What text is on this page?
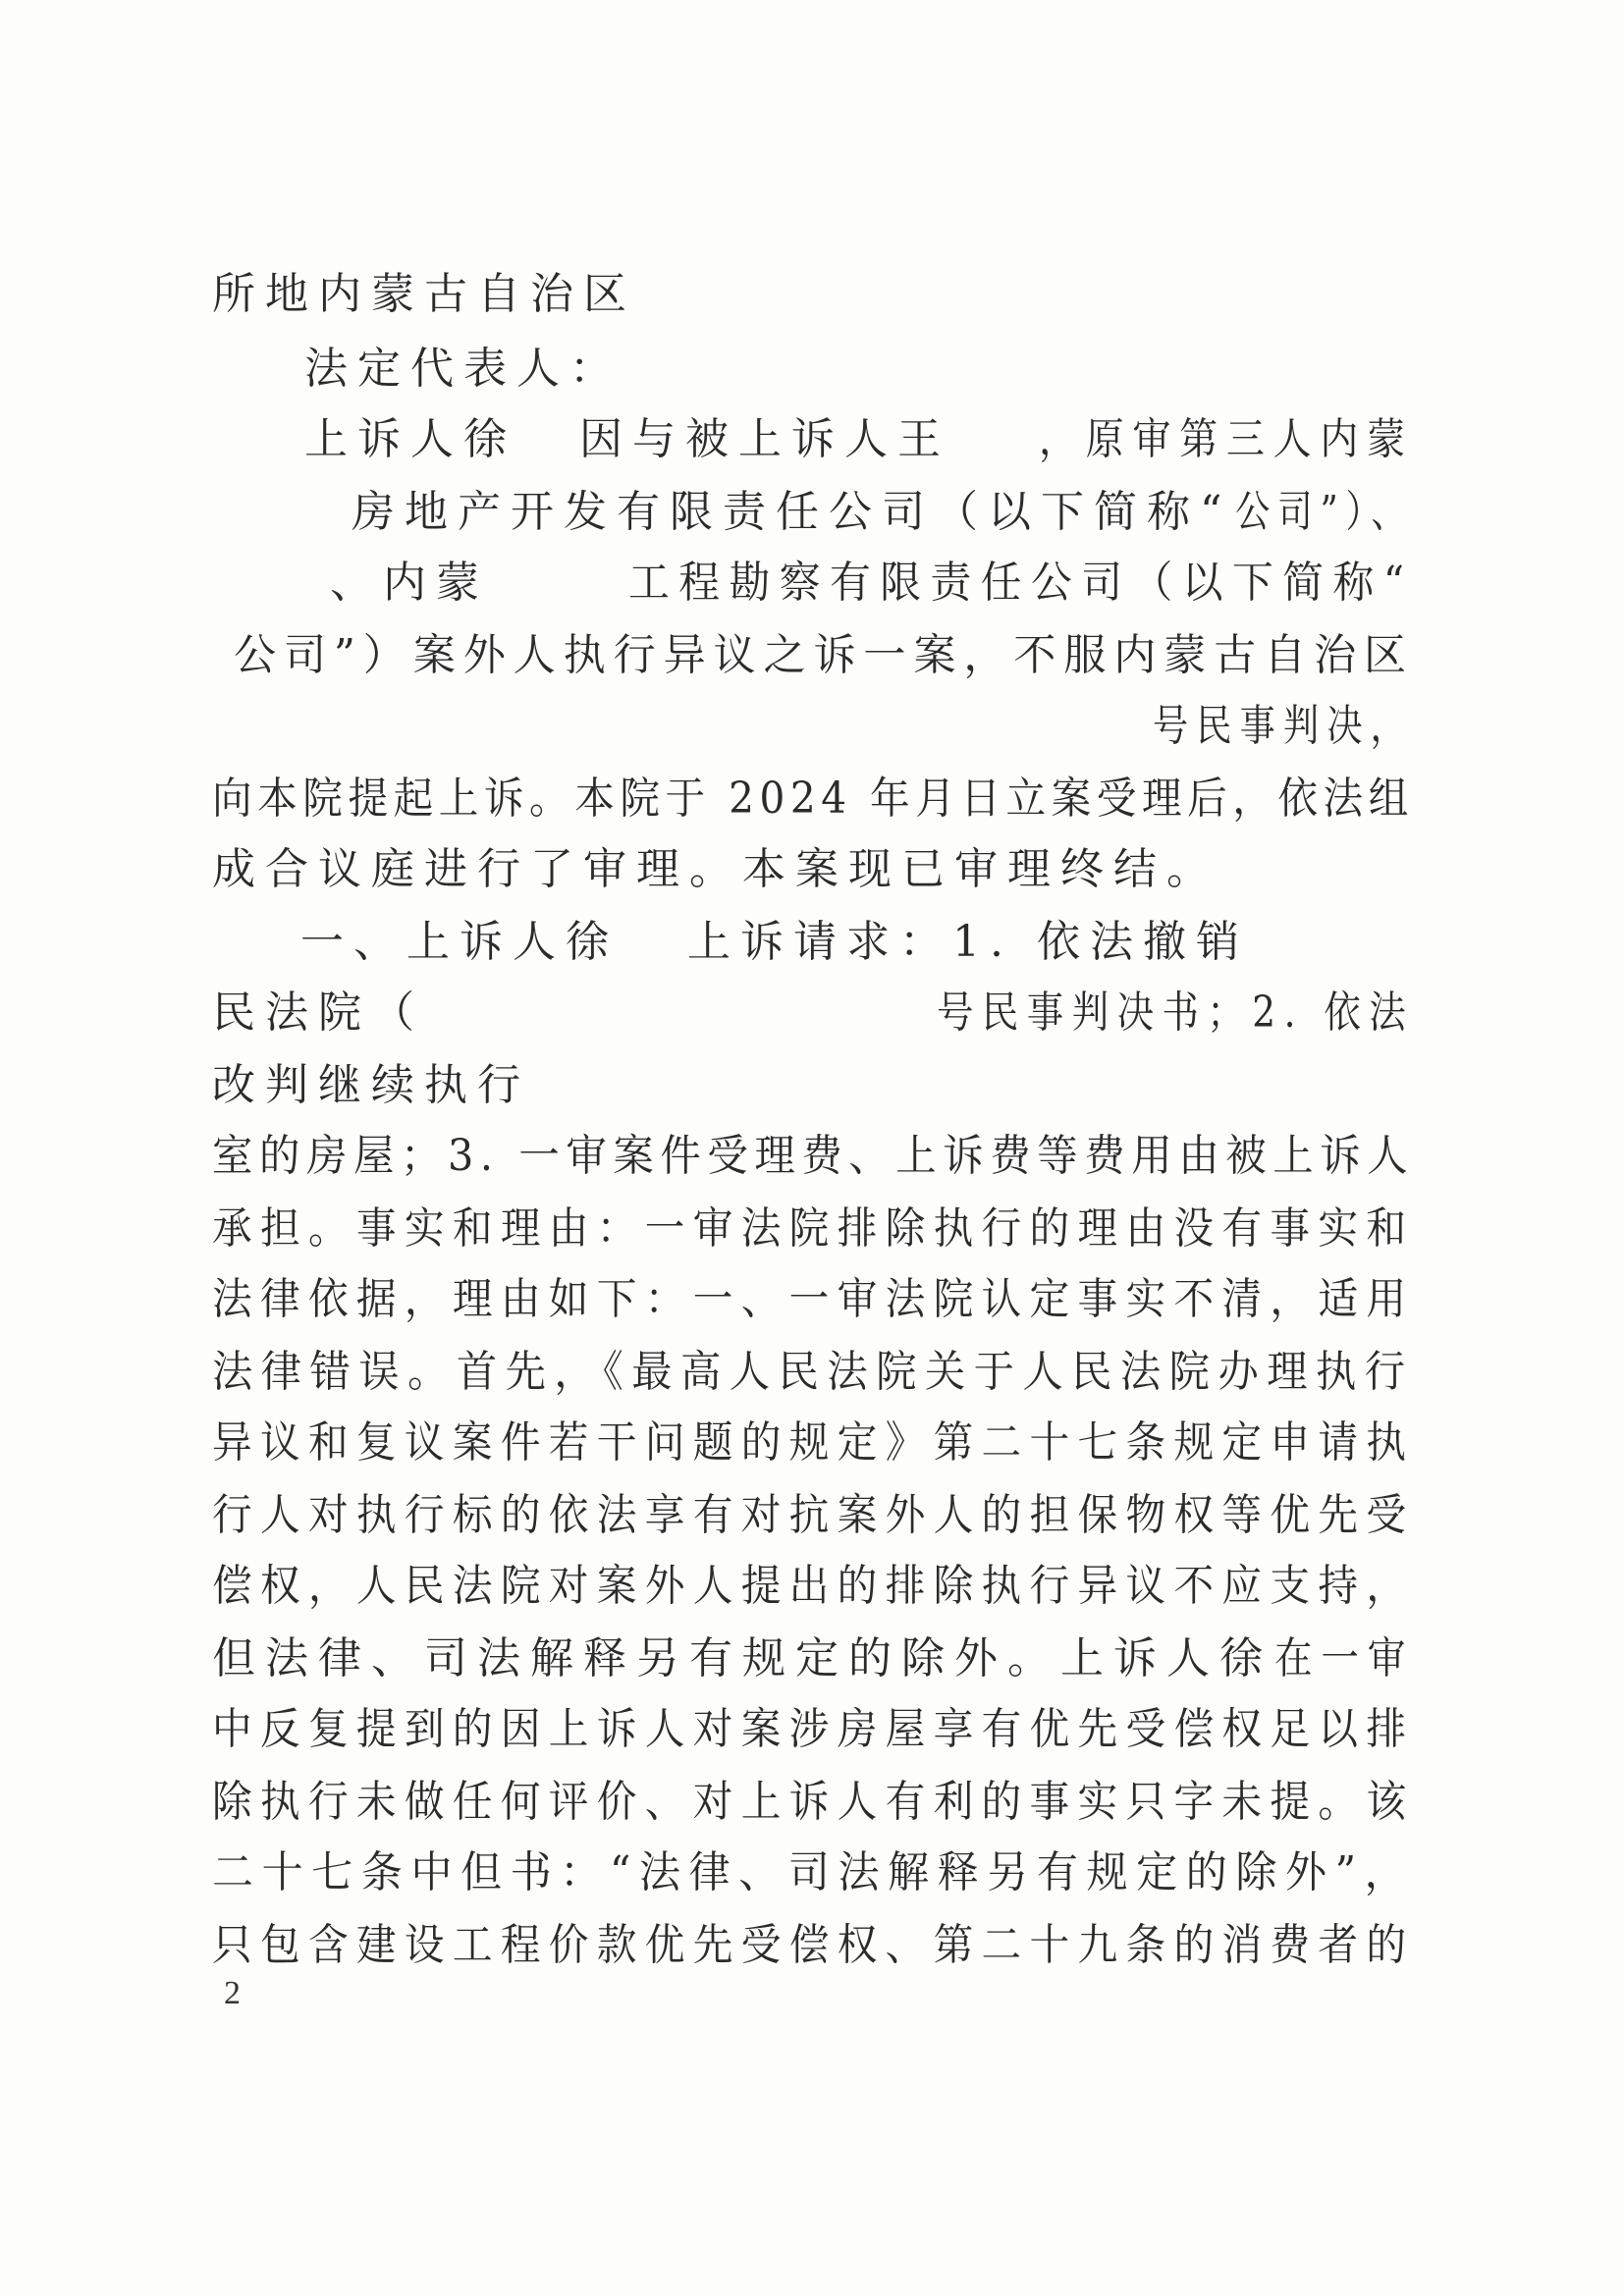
所地内蒙古自治区
法定代表人：
上诉人徐 因与被上诉人王 ，原审第三人内蒙
房地产开发有限责任公司（以下简称“ 公司”）、
、内蒙	工程勘察有限责任公司（以下简称“
公司”）案外人执行异议之诉一案，不服内蒙古自治区
号民事判决，
向本院提起上诉。本院于 2024 年月日立案受理后，依法组
成合议庭进行了审理。本案现已审理终结。
一、上诉人徐 上诉请求：1. 依法撤销
民法院（	号民事判决书；2. 依法
改判继续执行
室的房屋；3. 一审案件受理费、上诉费等费用由被上诉人
承担。事实和理由：一审法院排除执行的理由没有事实和
法律依据，理由如下：一、一审法院认定事实不清，适用
法律错误。首先，《最高人民法院关于人民法院办理执行
异议和复议案件若干问题的规定》第二十七条规定申请执
行人对执行标的依法享有对抗案外人的担保物权等优先受
偿权，人民法院对案外人提出的排除执行异议不应支持，
但法律、司法解释另有规定的除外。上诉人徐 在一审
中反复提到的因上诉人对案涉房屋享有优先受偿权足以排
除执行未做任何评价、对上诉人有利的事实只字未提。该
二十七条中但书：“法律、司法解释另有规定的除外”，
只包含建设工程价款优先受偿权、第二十九条的消费者的
2
